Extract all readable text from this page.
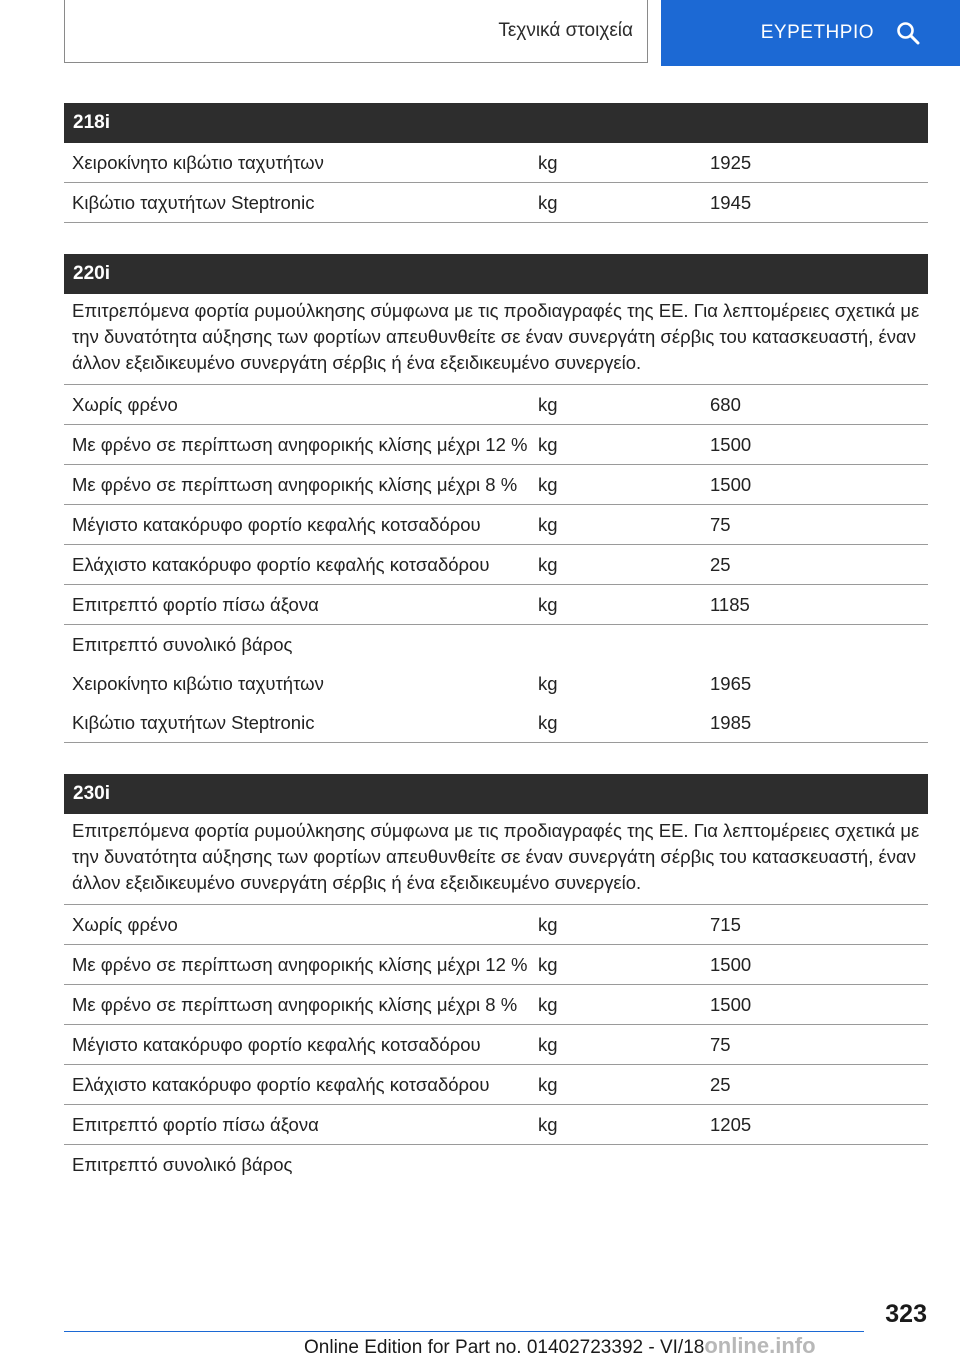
Τεχνικά στοιχεία	ΕΥΡΕΤΗΡΙΟ
218i
Χειροκίνητο κιβώτιο ταχυτήτων	kg	1925
Κιβώτιο ταχυτήτων Steptronic	kg	1945
220i
Επιτρεπόμενα φορτία ρυμούλκησης σύμφωνα με τις προδιαγραφές της ΕΕ. Για λεπτομέρειες σχετικά με την δυνατότητα αύξησης των φορτίων απευθυνθείτε σε έναν συνεργάτη σέρβις του κατασκευαστή, έναν άλλον εξειδικευμένο συνεργάτη σέρβις ή ένα εξειδικευμένο συνεργείο.
Χωρίς φρένο	kg	680
Με φρένο σε περίπτωση ανηφορικής κλίσης μέχρι 12 % kg	1500
Με φρένο σε περίπτωση ανηφορικής κλίσης μέχρι 8 %	kg	1500
Μέγιστο κατακόρυφο φορτίο κεφαλής κοτσαδόρου	kg	75
Ελάχιστο κατακόρυφο φορτίο κεφαλής κοτσαδόρου	kg	25
Επιτρεπτό φορτίο πίσω άξονα	kg	1185
Επιτρεπτό συνολικό βάρος
Χειροκίνητο κιβώτιο ταχυτήτων	kg	1965
Κιβώτιο ταχυτήτων Steptronic	kg	1985
230i
Επιτρεπόμενα φορτία ρυμούλκησης σύμφωνα με τις προδιαγραφές της ΕΕ. Για λεπτομέρειες σχετικά με την δυνατότητα αύξησης των φορτίων απευθυνθείτε σε έναν συνεργάτη σέρβις του κατασκευαστή, έναν άλλον εξειδικευμένο συνεργάτη σέρβις ή ένα εξειδικευμένο συνεργείο.
Χωρίς φρένο	kg	715
Με φρένο σε περίπτωση ανηφορικής κλίσης μέχρι 12 % kg	1500
Με φρένο σε περίπτωση ανηφορικής κλίσης μέχρι 8 %	kg	1500
Μέγιστο κατακόρυφο φορτίο κεφαλής κοτσαδόρου	kg	75
Ελάχιστο κατακόρυφο φορτίο κεφαλής κοτσαδόρου	kg	25
Επιτρεπτό φορτίο πίσω άξονα	kg	1205
Επιτρεπτό συνολικό βάρος
323
Online Edition for Part no. 01402723392 - VI/18online.info
